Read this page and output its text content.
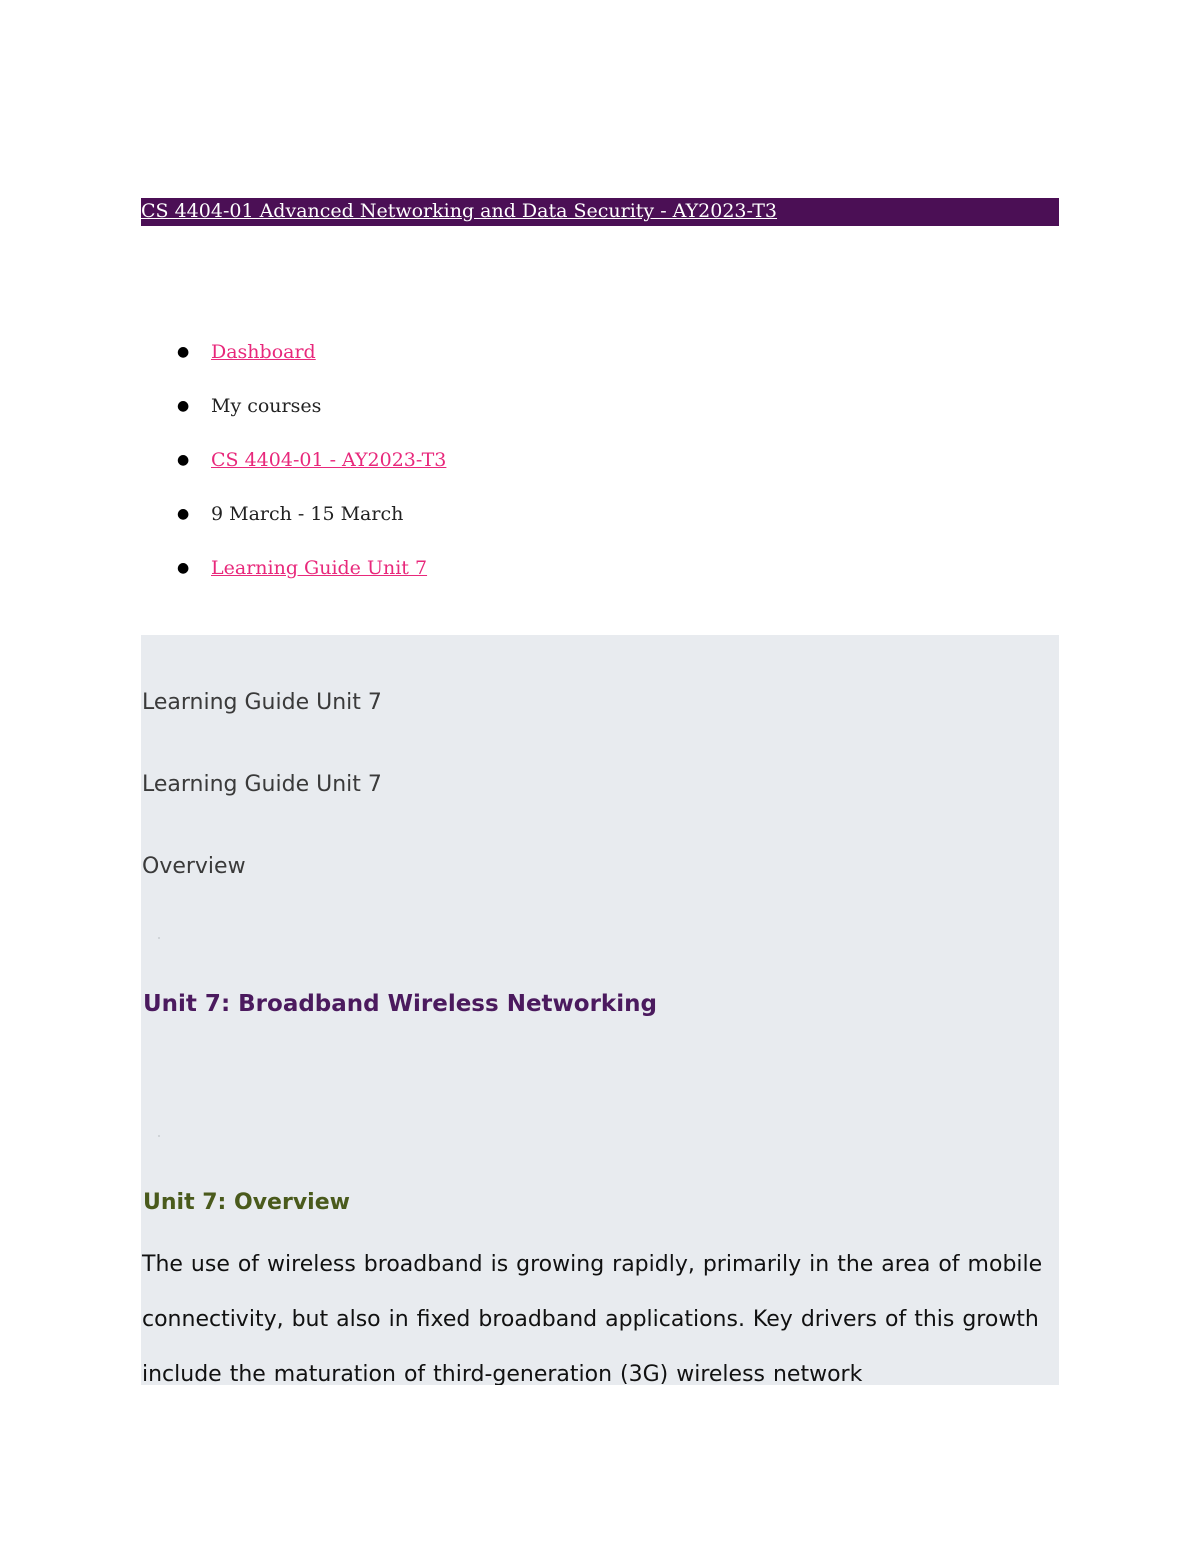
CS 4404-01 Advanced Networking and Data Security - AY2023-T3
● Dashboard
● My courses
● CS 4404-01 - AY2023-T3
● 9 March - 15 March
● Learning Guide Unit 7
Learning Guide Unit 7
Learning Guide Unit 7
Overview
Unit 7: Broadband Wireless Networking
Unit 7: Overview

The use of wireless broadband is growing rapidly, primarily in the area of mobile connectivity, but also in fixed broadband applications. Key drivers of this growth include the maturation of third-generation (3G) wireless network
